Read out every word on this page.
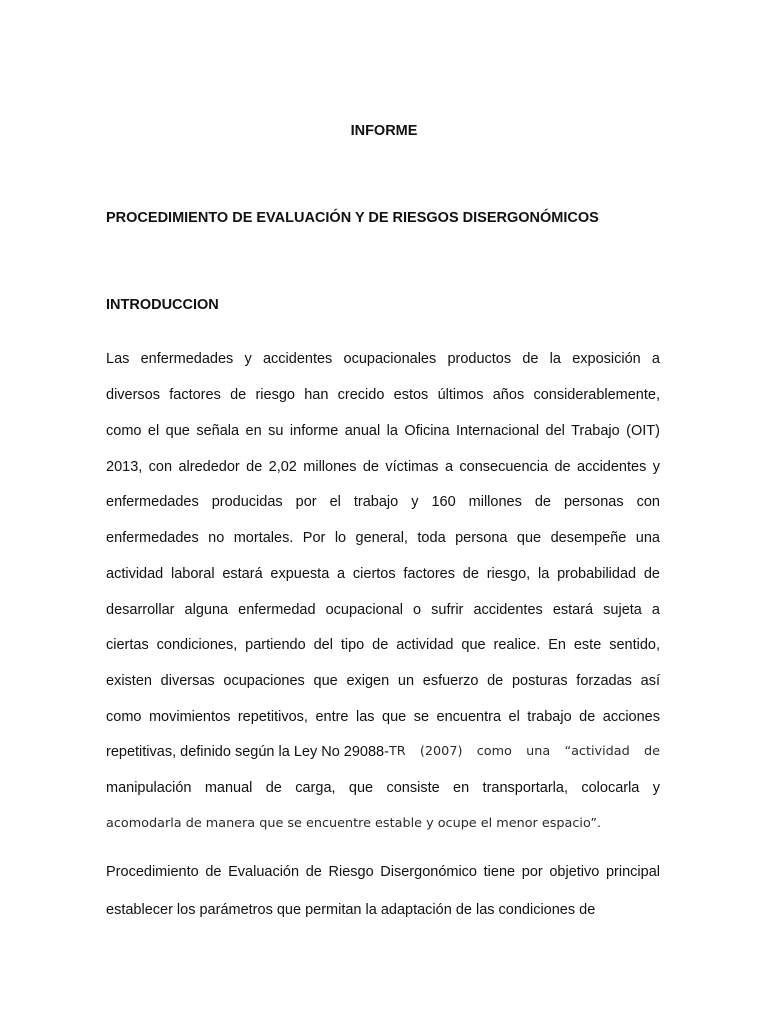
INFORME
PROCEDIMIENTO DE EVALUACIÓN Y DE RIESGOS DISERGONÓMICOS
INTRODUCCION
Las enfermedades y accidentes ocupacionales productos de la exposición a
diversos factores de riesgo han crecido estos últimos años considerablemente,
como el que señala en su informe anual la Oficina Internacional del Trabajo (OIT)
2013, con alrededor de 2,02 millones de víctimas a consecuencia de accidentes y
enfermedades producidas por el trabajo y 160 millones de personas con
enfermedades no mortales. Por lo general, toda persona que desempeñe una
actividad laboral estará expuesta a ciertos factores de riesgo, la probabilidad de
desarrollar alguna enfermedad ocupacional o sufrir accidentes estará sujeta a
ciertas condiciones, partiendo del tipo de actividad que realice. En este sentido,
existen diversas ocupaciones que exigen un esfuerzo de posturas forzadas así
como movimientos repetitivos, entre las que se encuentra el trabajo de acciones
repetitivas, definido según la Ley No 29088- TR (2007) como una “actividad de
manipulación manual de carga, que consiste en transportarla, colocarla y
acomodarla de manera que se encuentre estable y ocupe el menor espacio”.
Procedimiento de Evaluación de Riesgo Disergonómico tiene por objetivo principal
establecer los parámetros que permitan la adaptación de las condiciones de
